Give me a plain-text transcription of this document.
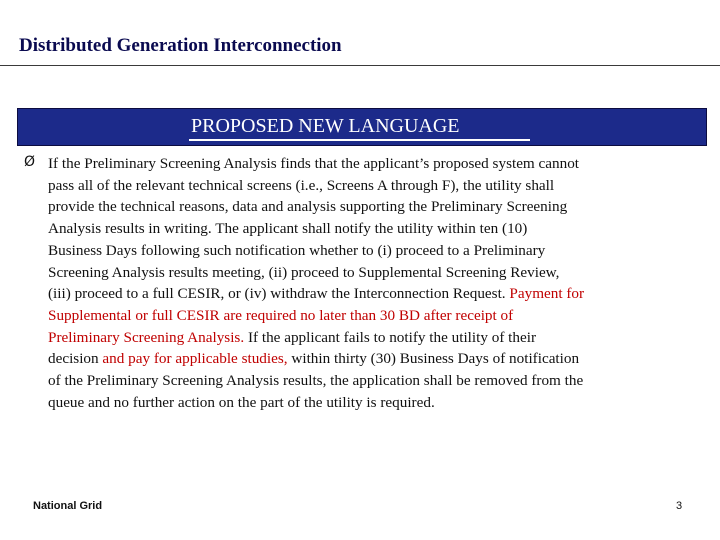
Distributed Generation Interconnection
PROPOSED NEW LANGUAGE
Ø If the Preliminary Screening Analysis finds that the applicant’s proposed system cannot
pass all of the relevant technical screens (i.e., Screens A through F), the utility shall
provide the technical reasons, data and analysis supporting the Preliminary Screening
Analysis results in writing. The applicant shall notify the utility within ten (10)
Business Days following such notification whether to (i) proceed to a Preliminary
Screening Analysis results meeting, (ii) proceed to Supplemental Screening Review,
(iii) proceed to a full CESIR, or (iv) withdraw the Interconnection Request. Payment for
Supplemental or full CESIR are required no later than 30 BD after receipt of
Preliminary Screening Analysis. If the applicant fails to notify the utility of their
decision and pay for applicable studies, within thirty (30) Business Days of notification
of the Preliminary Screening Analysis results, the application shall be removed from the
queue and no further action on the part of the utility is required.
National Grid	3
